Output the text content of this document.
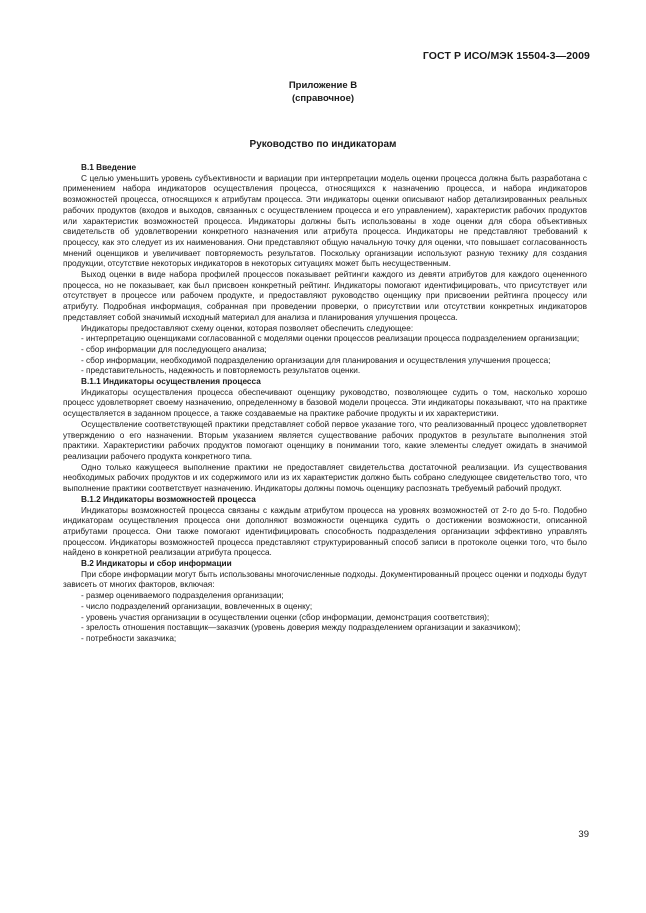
ГОСТ Р ИСО/МЭК 15504-3—2009
Приложение В
(справочное)
Руководство по индикаторам

В.1 Введение

С целью уменьшить уровень субъективности и вариации при интерпретации модель оценки процесса должна быть разработана с применением набора индикаторов осуществления процесса, относящихся к назначению процесса, и набора индикаторов возможностей процесса, относящихся к атрибутам процесса. Эти индикаторы оценки описывают набор детализированных реальных рабочих продуктов (входов и выходов, связанных с осуществлением процесса и его управлением), характеристик рабочих продуктов или характеристик возможностей процесса. Индикаторы должны быть использованы в ходе оценки для сбора объективных свидетельств об удовлетворении конкретного назначения или атрибута процесса. Индикаторы не представляют требований к процессу, как это следует из их наименования. Они представляют общую начальную точку для оценки, что повышает согласованность мнений оценщиков и увеличивает повторяемость результатов. Поскольку организации используют разную технику для создания продукции, отсутствие некоторых индикаторов в некоторых ситуациях может быть несущественным.

Выход оценки в виде набора профилей процессов показывает рейтинги каждого из девяти атрибутов для каждого оцененного процесса, но не показывает, как был присвоен конкретный рейтинг. Индикаторы помогают идентифицировать, что присутствует или отсутствует в процессе или рабочем продукте, и предоставляют руководство оценщику при присвоении рейтинга процессу или атрибуту. Подробная информация, собранная при проведении проверки, о присутствии или отсутствии конкретных индикаторов представляет собой значимый исходный материал для анализа и планирования улучшения процесса.

Индикаторы предоставляют схему оценки, которая позволяет обеспечить следующее:

- интерпретацию оценщиками согласованной с моделями оценки процессов реализации процесса подразделением организации;

- сбор информации для последующего анализа;

- сбор информации, необходимой подразделению организации для планирования и осуществления улучшения процесса;

- представительность, надежность и повторяемость результатов оценки.

В.1.1 Индикаторы осуществления процесса

Индикаторы осуществления процесса обеспечивают оценщику руководство, позволяющее судить о том, насколько хорошо процесс удовлетворяет своему назначению, определенному в базовой модели процесса. Эти индикаторы показывают, что на практике осуществляется в заданном процессе, а также создаваемые на практике рабочие продукты и их характеристики.

Осуществление соответствующей практики представляет собой первое указание того, что реализованный процесс удовлетворяет утверждению о его назначении. Вторым указанием является существование рабочих продуктов в результате выполнения этой практики. Характеристики рабочих продуктов помогают оценщику в понимании того, какие элементы следует ожидать в значимой реализации рабочего продукта конкретного типа.

Одно только кажущееся выполнение практики не предоставляет свидетельства достаточной реализации. Из существования необходимых рабочих продуктов и их содержимого или из их характеристик должно быть собрано следующее свидетельство того, что выполнение практики соответствует назначению. Индикаторы должны помочь оценщику распознать требуемый рабочий продукт.

В.1.2 Индикаторы возможностей процесса

Индикаторы возможностей процесса связаны с каждым атрибутом процесса на уровнях возможностей от 2-го до 5-го. Подобно индикаторам осуществления процесса они дополняют возможности оценщика судить о достижении возможности, описанной атрибутами процесса. Они также помогают идентифицировать способность подразделения организации эффективно управлять процессом. Индикаторы возможностей процесса представляют структурированный способ записи в протоколе оценки того, что было найдено в конкретной реализации атрибута процесса.

В.2 Индикаторы и сбор информации

При сборе информации могут быть использованы многочисленные подходы. Документированный процесс оценки и подходы будут зависеть от многих факторов, включая:

- размер оцениваемого подразделения организации;

- число подразделений организации, вовлеченных в оценку;

- уровень участия организации в осуществлении оценки (сбор информации, демонстрация соответствия);

- зрелость отношения поставщик—заказчик (уровень доверия между подразделением организации и заказчиком);

- потребности заказчика;

39
